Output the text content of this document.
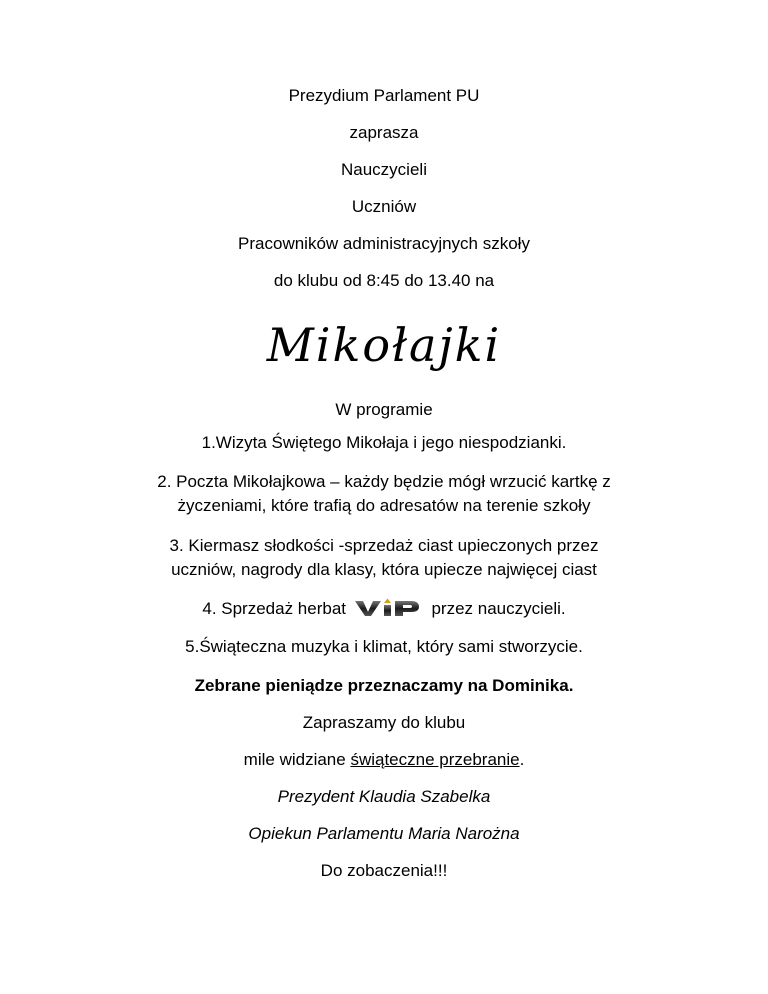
Prezydium Parlament PU
zaprasza
Nauczycieli
Uczniów
Pracowników administracyjnych szkoły
do klubu od 8:45 do 13.40 na
Mikołajki
W programie
1.Wizyta Świętego Mikołaja i jego niespodzianki.
2. Poczta Mikołajkowa – każdy będzie mógł wrzucić kartkę z
życzeniami, które trafią do adresatów na terenie szkoły
3. Kiermasz słodkości -sprzedaż ciast upieczonych przez
uczniów, nagrody dla klasy, która upiecze najwięcej ciast
4. Sprzedaż herbat	przez nauczycieli.
5.Świąteczna muzyka i klimat, który sami stworzycie.
Zebrane pieniądze przeznaczamy na Dominika.
Zapraszamy do klubu
mile widziane świąteczne przebranie.
Prezydent Klaudia Szabelka
Opiekun Parlamentu Maria Narożna
Do zobaczenia!!!
